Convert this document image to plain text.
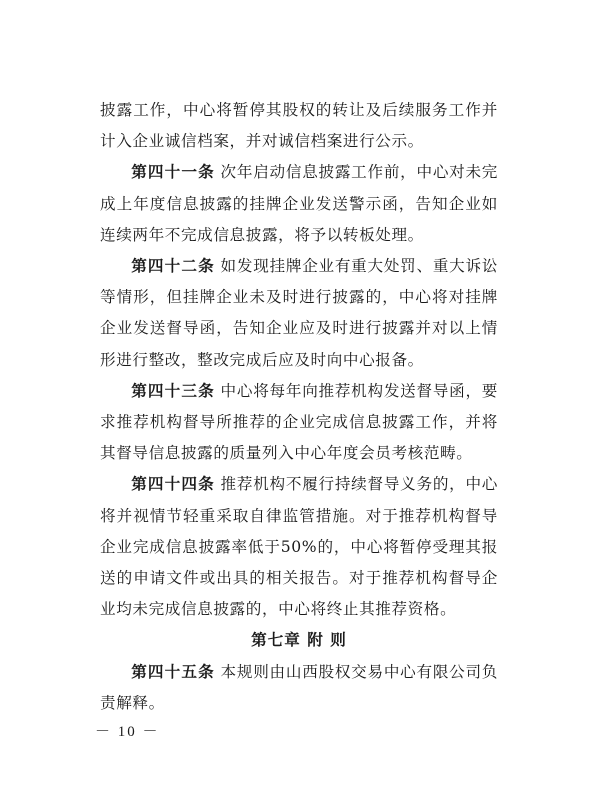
披露工作，中心将暂停其股权的转让及后续服务工作并计入企业诚信档案，并对诚信档案进行公示。

第四十一条 次年启动信息披露工作前，中心对未完成上年度信息披露的挂牌企业发送警示函，告知企业如连续两年不完成信息披露，将予以转板处理。

第四十二条 如发现挂牌企业有重大处罚、重大诉讼等情形，但挂牌企业未及时进行披露的，中心将对挂牌企业发送督导函，告知企业应及时进行披露并对以上情形进行整改，整改完成后应及时向中心报备。

第四十三条 中心将每年向推荐机构发送督导函，要求推荐机构督导所推荐的企业完成信息披露工作，并将其督导信息披露的质量列入中心年度会员考核范畴。

第四十四条 推荐机构不履行持续督导义务的，中心将并视情节轻重采取自律监管措施。对于推荐机构督导企业完成信息披露率低于50%的，中心将暂停受理其报送的申请文件或出具的相关报告。对于推荐机构督导企业均未完成信息披露的，中心将终止其推荐资格。

第七章 附 则

第四十五条 本规则由山西股权交易中心有限公司负责解释。

－ 10 －
